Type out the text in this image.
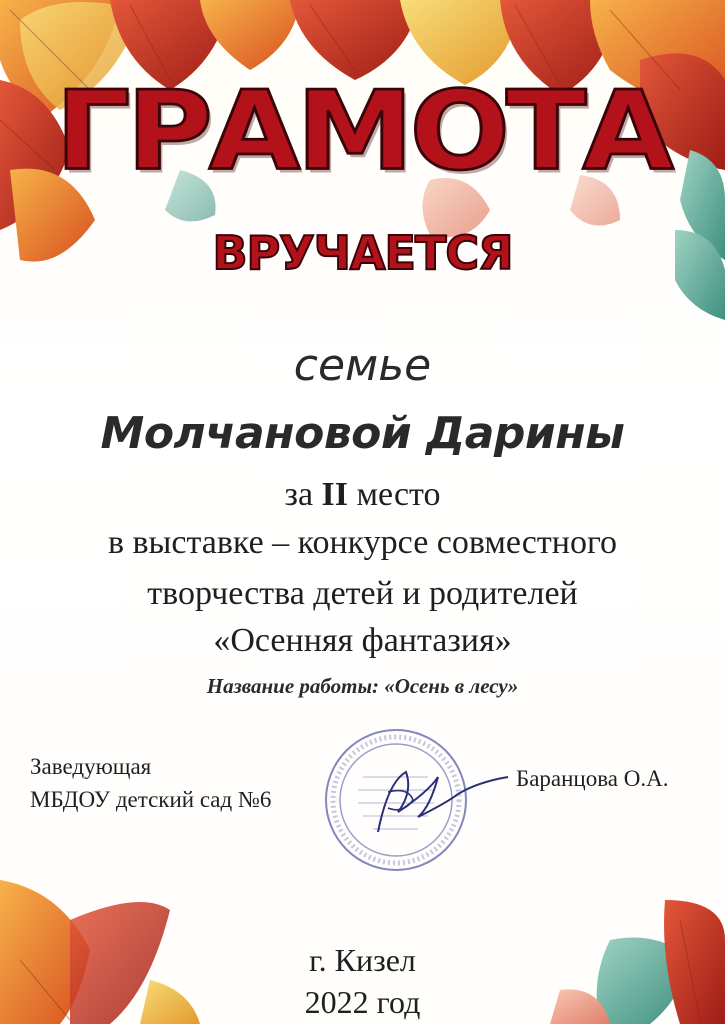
ГРАМОТА
ВРУЧАЕТСЯ
семье
Молчановой Дарины
за II место
в выставке – конкурсе совместного
творчества детей и родителей
«Осенняя фантазия»
Название работы: «Осень в лесу»
Заведующая
МБДОУ детский сад №6
Баранцова О.А.
г. Кизел
2022 год
